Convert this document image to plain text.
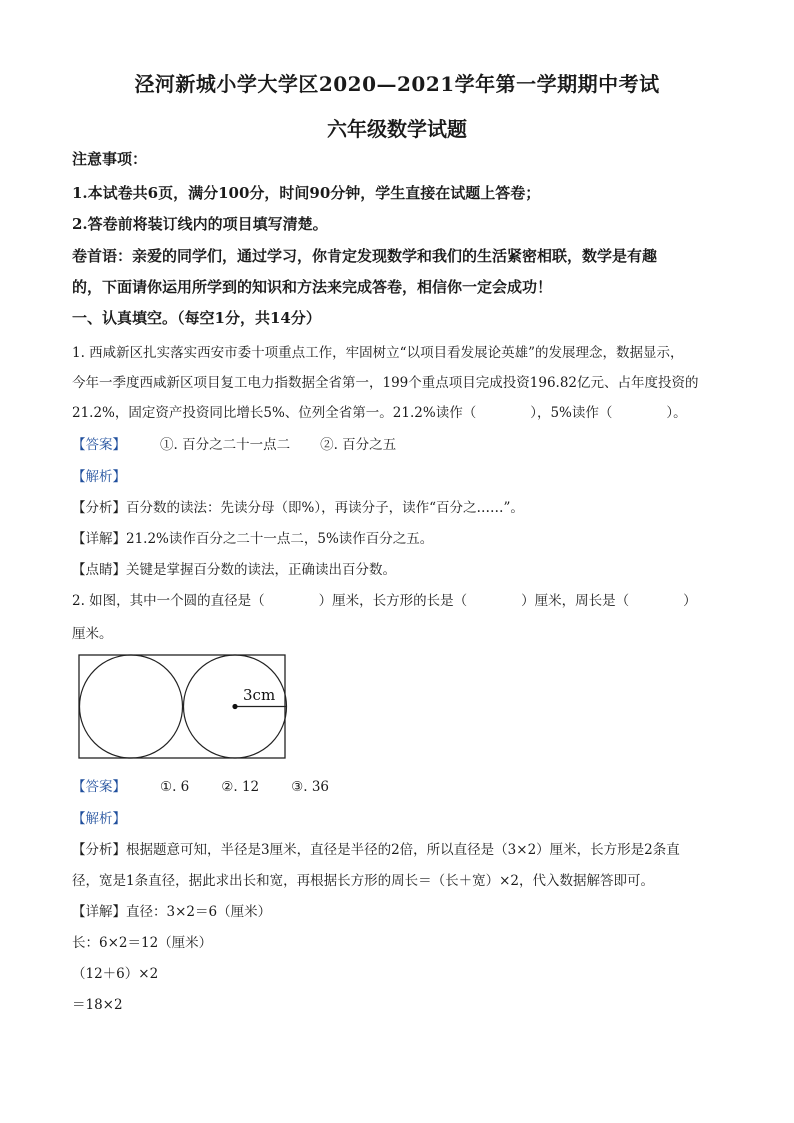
泾河新城小学大学区2020—2021学年第一学期期中考试
六年级数学试题
注意事项：
1.本试卷共6页，满分100分，时间90分钟，学生直接在试题上答卷；
2.答卷前将装订线内的项目填写清楚。
卷首语：亲爱的同学们，通过学习，你肯定发现数学和我们的生活紧密相联，数学是有趣
的，下面请你运用所学到的知识和方法来完成答卷，相信你一定会成功！
一、认真填空。（每空1分，共14分）
1. 西咸新区扎实落实西安市委十项重点工作，牢固树立“以项目看发展论英雄”的发展理念，数据显示，
今年一季度西咸新区项目复工电力指数据全省第一，199个重点项目完成投资196.82亿元、占年度投资的
21.2%，固定资产投资同比增长5%、位列全省第一。21.2%读作（　　　　），5%读作（　　　　）。
【答案】	①. 百分之二十一点二 ②. 百分之五
【解析】
【分析】百分数的读法：先读分母（即%），再读分子，读作“百分之……”。
【详解】21.2%读作百分之二十一点二，5%读作百分之五。
【点睛】关键是掌握百分数的读法，正确读出百分数。
2. 如图，其中一个圆的直径是（　　　　）厘米，长方形的长是（　　　　）厘米，周长是（　　　　）
厘米。
3cm
【答案】	①. 6 ②. 12 ③. 36
【解析】
【分析】根据题意可知，半径是3厘米，直径是半径的2倍，所以直径是（3×2）厘米，长方形是2条直
径，宽是1条直径，据此求出长和宽，再根据长方形的周长＝（长＋宽）×2，代入数据解答即可。
【详解】直径：3×2＝6（厘米）
长：6×2＝12（厘米）
（12＋6）×2
＝18×2
